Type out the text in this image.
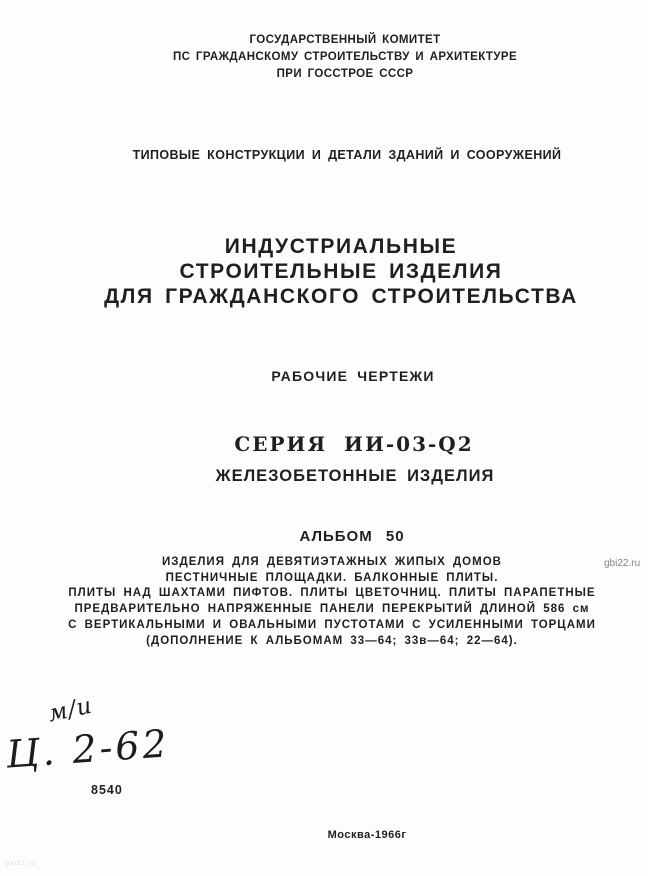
ГОСУДАРСТВЕННЫЙ КОМИТЕТ
ПС ГРАЖДАНСКОМУ СТРОИТЕЛЬСТВУ И АРХИТЕКТУРЕ
ПРИ ГОССТРОЕ СССР
ТИПОВЫЕ КОНСТРУКЦИИ И ДЕТАЛИ ЗДАНИЙ И СООРУЖЕНИЙ
ИНДУСТРИАЛЬНЫЕ
СТРОИТЕЛЬНЫЕ ИЗДЕЛИЯ
ДЛЯ ГРАЖДАНСКОГО СТРОИТЕЛЬСТВА
РАБОЧИЕ ЧЕРТЕЖИ
СЕРИЯ ИИ-03-Q2
ЖЕЛЕЗОБЕТОННЫЕ ИЗДЕЛИЯ
АЛЬБОМ 50
ИЗДЕЛИЯ ДЛЯ ДЕВЯТИЭТАЖНЫХ ЖИПЫХ ДОМОВ
ПЕСТНИЧНЫЕ ПЛОЩАДКИ. БАЛКОННЫЕ ПЛИТЫ.
ПЛИТЫ НАД ШАХТАМИ ПИФТОВ. ПЛИТЫ ЦВЕТОЧНИЦ. ПЛИТЫ ПАРАПЕТНЫЕ
ПРЕДВАРИТЕЛЬНО НАПРЯЖЕННЫЕ ПАНЕЛИ ПЕРЕКРЫТИЙ ДЛИНОЙ 586 см
С ВЕРТИКАЛЬНЫМИ И ОВАЛЬНЫМИ ПУСТОТАМИ С УСИЛЕННЫМИ ТОРЦАМИ
(ДОПОЛНЕНИЕ К АЛЬБОМАМ 33—64; 33в—64; 22—64).
gbi22.ru
м/и
Ц. 2-62
8540
Москва-1966г
gbi22.ru
